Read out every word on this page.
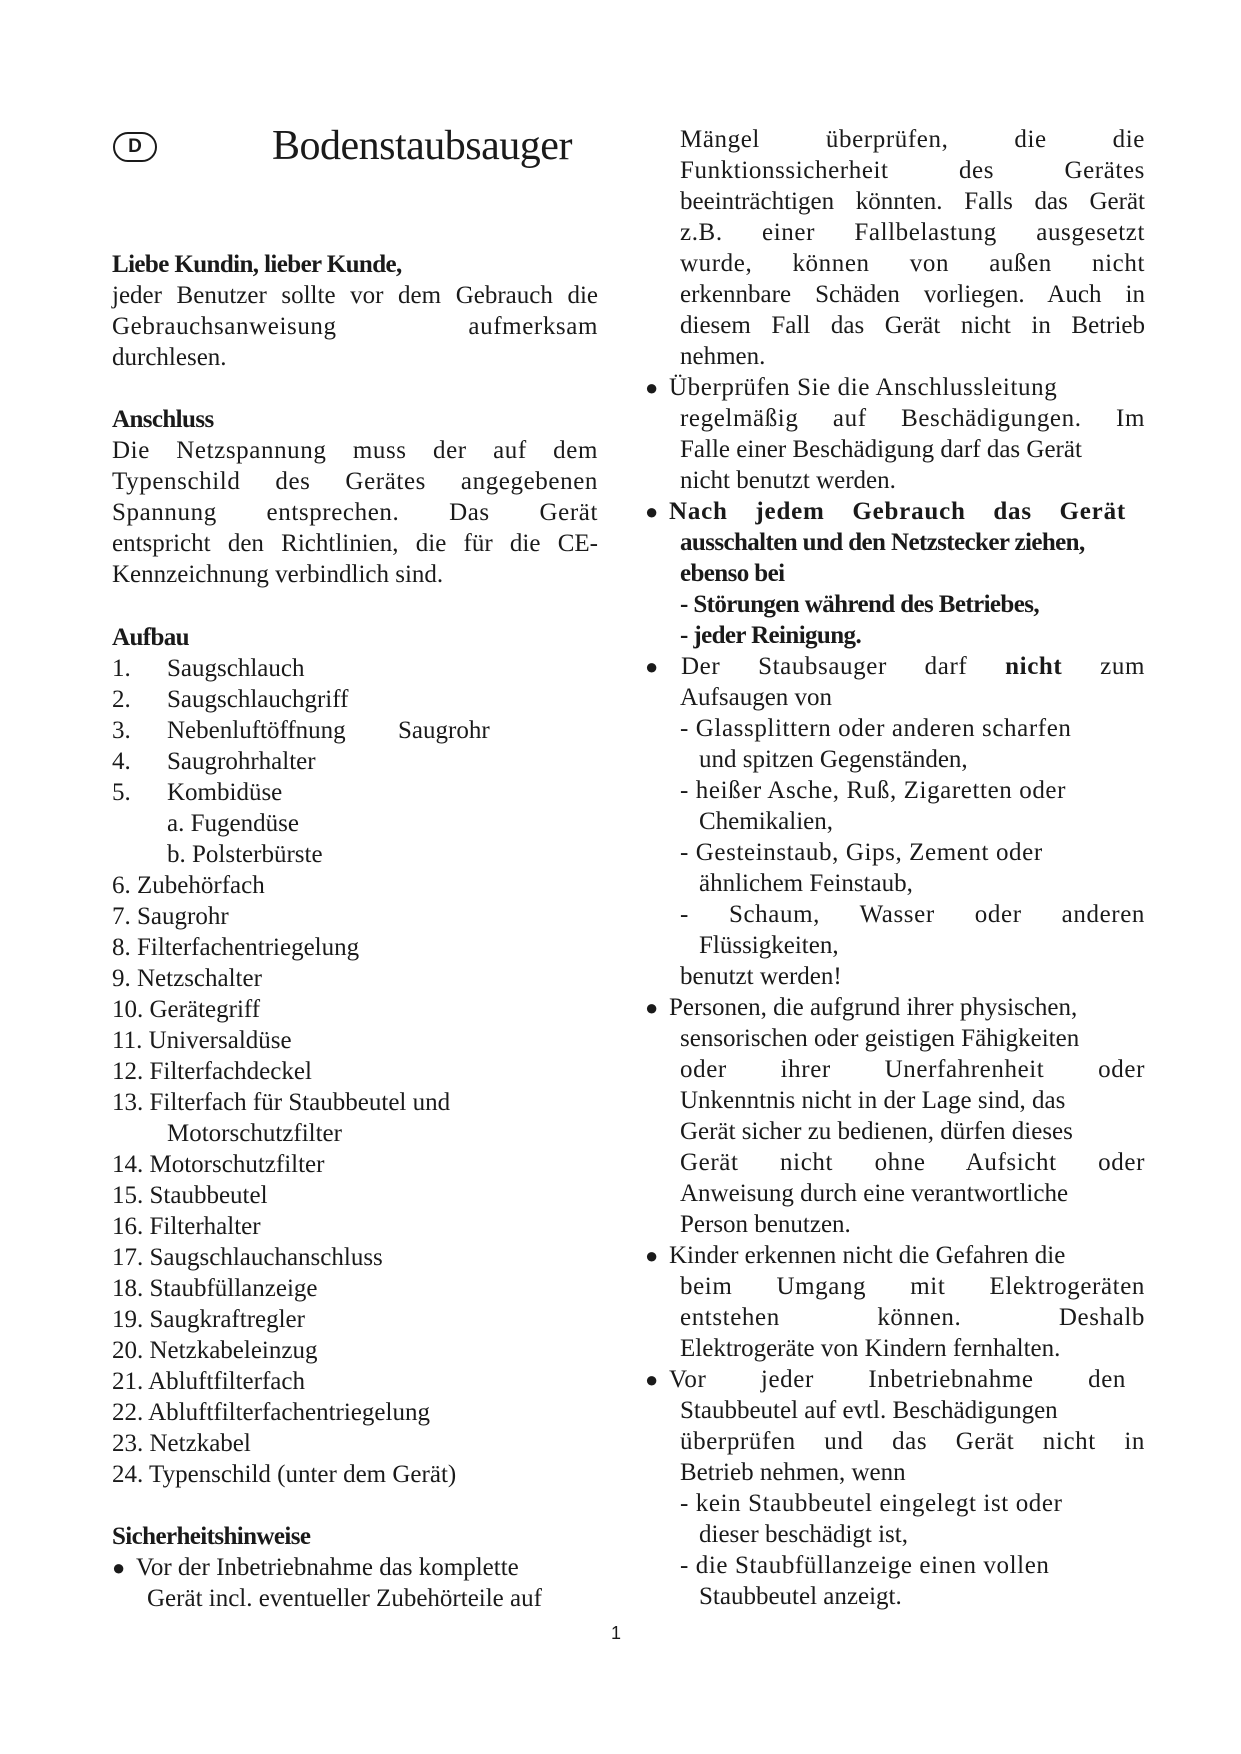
D	Bodenstaubsauger
Liebe Kundin, lieber Kunde,
jeder Benutzer sollte vor dem Gebrauch die
Gebrauchsanweisung aufmerksam
durchlesen.
Anschluss
Die Netzspannung muss der auf dem
Typenschild des Gerätes angegebenen
Spannung entsprechen. Das Gerät
entspricht den Richtlinien, die für die CE-
Kennzeichnung verbindlich sind.
Aufbau
1. Saugschlauch
2. Saugschlauchgriff
3. Nebenluftöffnung Saugrohr
4. Saugrohrhalter
5. Kombidüse
a. Fugendüse
b. Polsterbürste
6. Zubehörfach
7. Saugrohr
8. Filterfachentriegelung
9. Netzschalter
10. Gerätegriff
11. Universaldüse
12. Filterfachdeckel
13. Filterfach für Staubbeutel und
Motorschutzfilter
14. Motorschutzfilter
15. Staubbeutel
16. Filterhalter
17. Saugschlauchanschluss
18. Staubfüllanzeige
19. Saugkraftregler
20. Netzkabeleinzug
21. Abluftfilterfach
22. Abluftfilterfachentriegelung
23. Netzkabel
24. Typenschild (unter dem Gerät)
Sicherheitshinweise
● Vor der Inbetriebnahme das komplette
Gerät incl. eventueller Zubehörteile auf
Mängel überprüfen, die die
Funktionssicherheit des Gerätes
beeinträchtigen könnten. Falls das Gerät
z.B. einer Fallbelastung ausgesetzt
wurde, können von außen nicht
erkennbare Schäden vorliegen. Auch in
diesem Fall das Gerät nicht in Betrieb
nehmen.
● Überprüfen Sie die Anschlussleitung
regelmäßig auf Beschädigungen. Im
Falle einer Beschädigung darf das Gerät
nicht benutzt werden.
● Nach jedem Gebrauch das Gerät
ausschalten und den Netzstecker ziehen,
ebenso bei
- Störungen während des Betriebes,
- jeder Reinigung.
● Der Staubsauger darf nicht zum
Aufsaugen von
- Glassplittern oder anderen scharfen
und spitzen Gegenständen,
- heißer Asche, Ruß, Zigaretten oder
Chemikalien,
- Gesteinstaub, Gips, Zement oder
ähnlichem Feinstaub,
- Schaum, Wasser oder anderen
Flüssigkeiten,
benutzt werden!
● Personen, die aufgrund ihrer physischen,
sensorischen oder geistigen Fähigkeiten
oder ihrer Unerfahrenheit oder
Unkenntnis nicht in der Lage sind, das
Gerät sicher zu bedienen, dürfen dieses
Gerät nicht ohne Aufsicht oder
Anweisung durch eine verantwortliche
Person benutzen.
● Kinder erkennen nicht die Gefahren die
beim Umgang mit Elektrogeräten
entstehen können. Deshalb
Elektrogeräte von Kindern fernhalten.
● Vor jeder Inbetriebnahme den
Staubbeutel auf evtl. Beschädigungen
überprüfen und das Gerät nicht in
Betrieb nehmen, wenn
- kein Staubbeutel eingelegt ist oder
dieser beschädigt ist,
- die Staubfüllanzeige einen vollen
Staubbeutel anzeigt.
1
